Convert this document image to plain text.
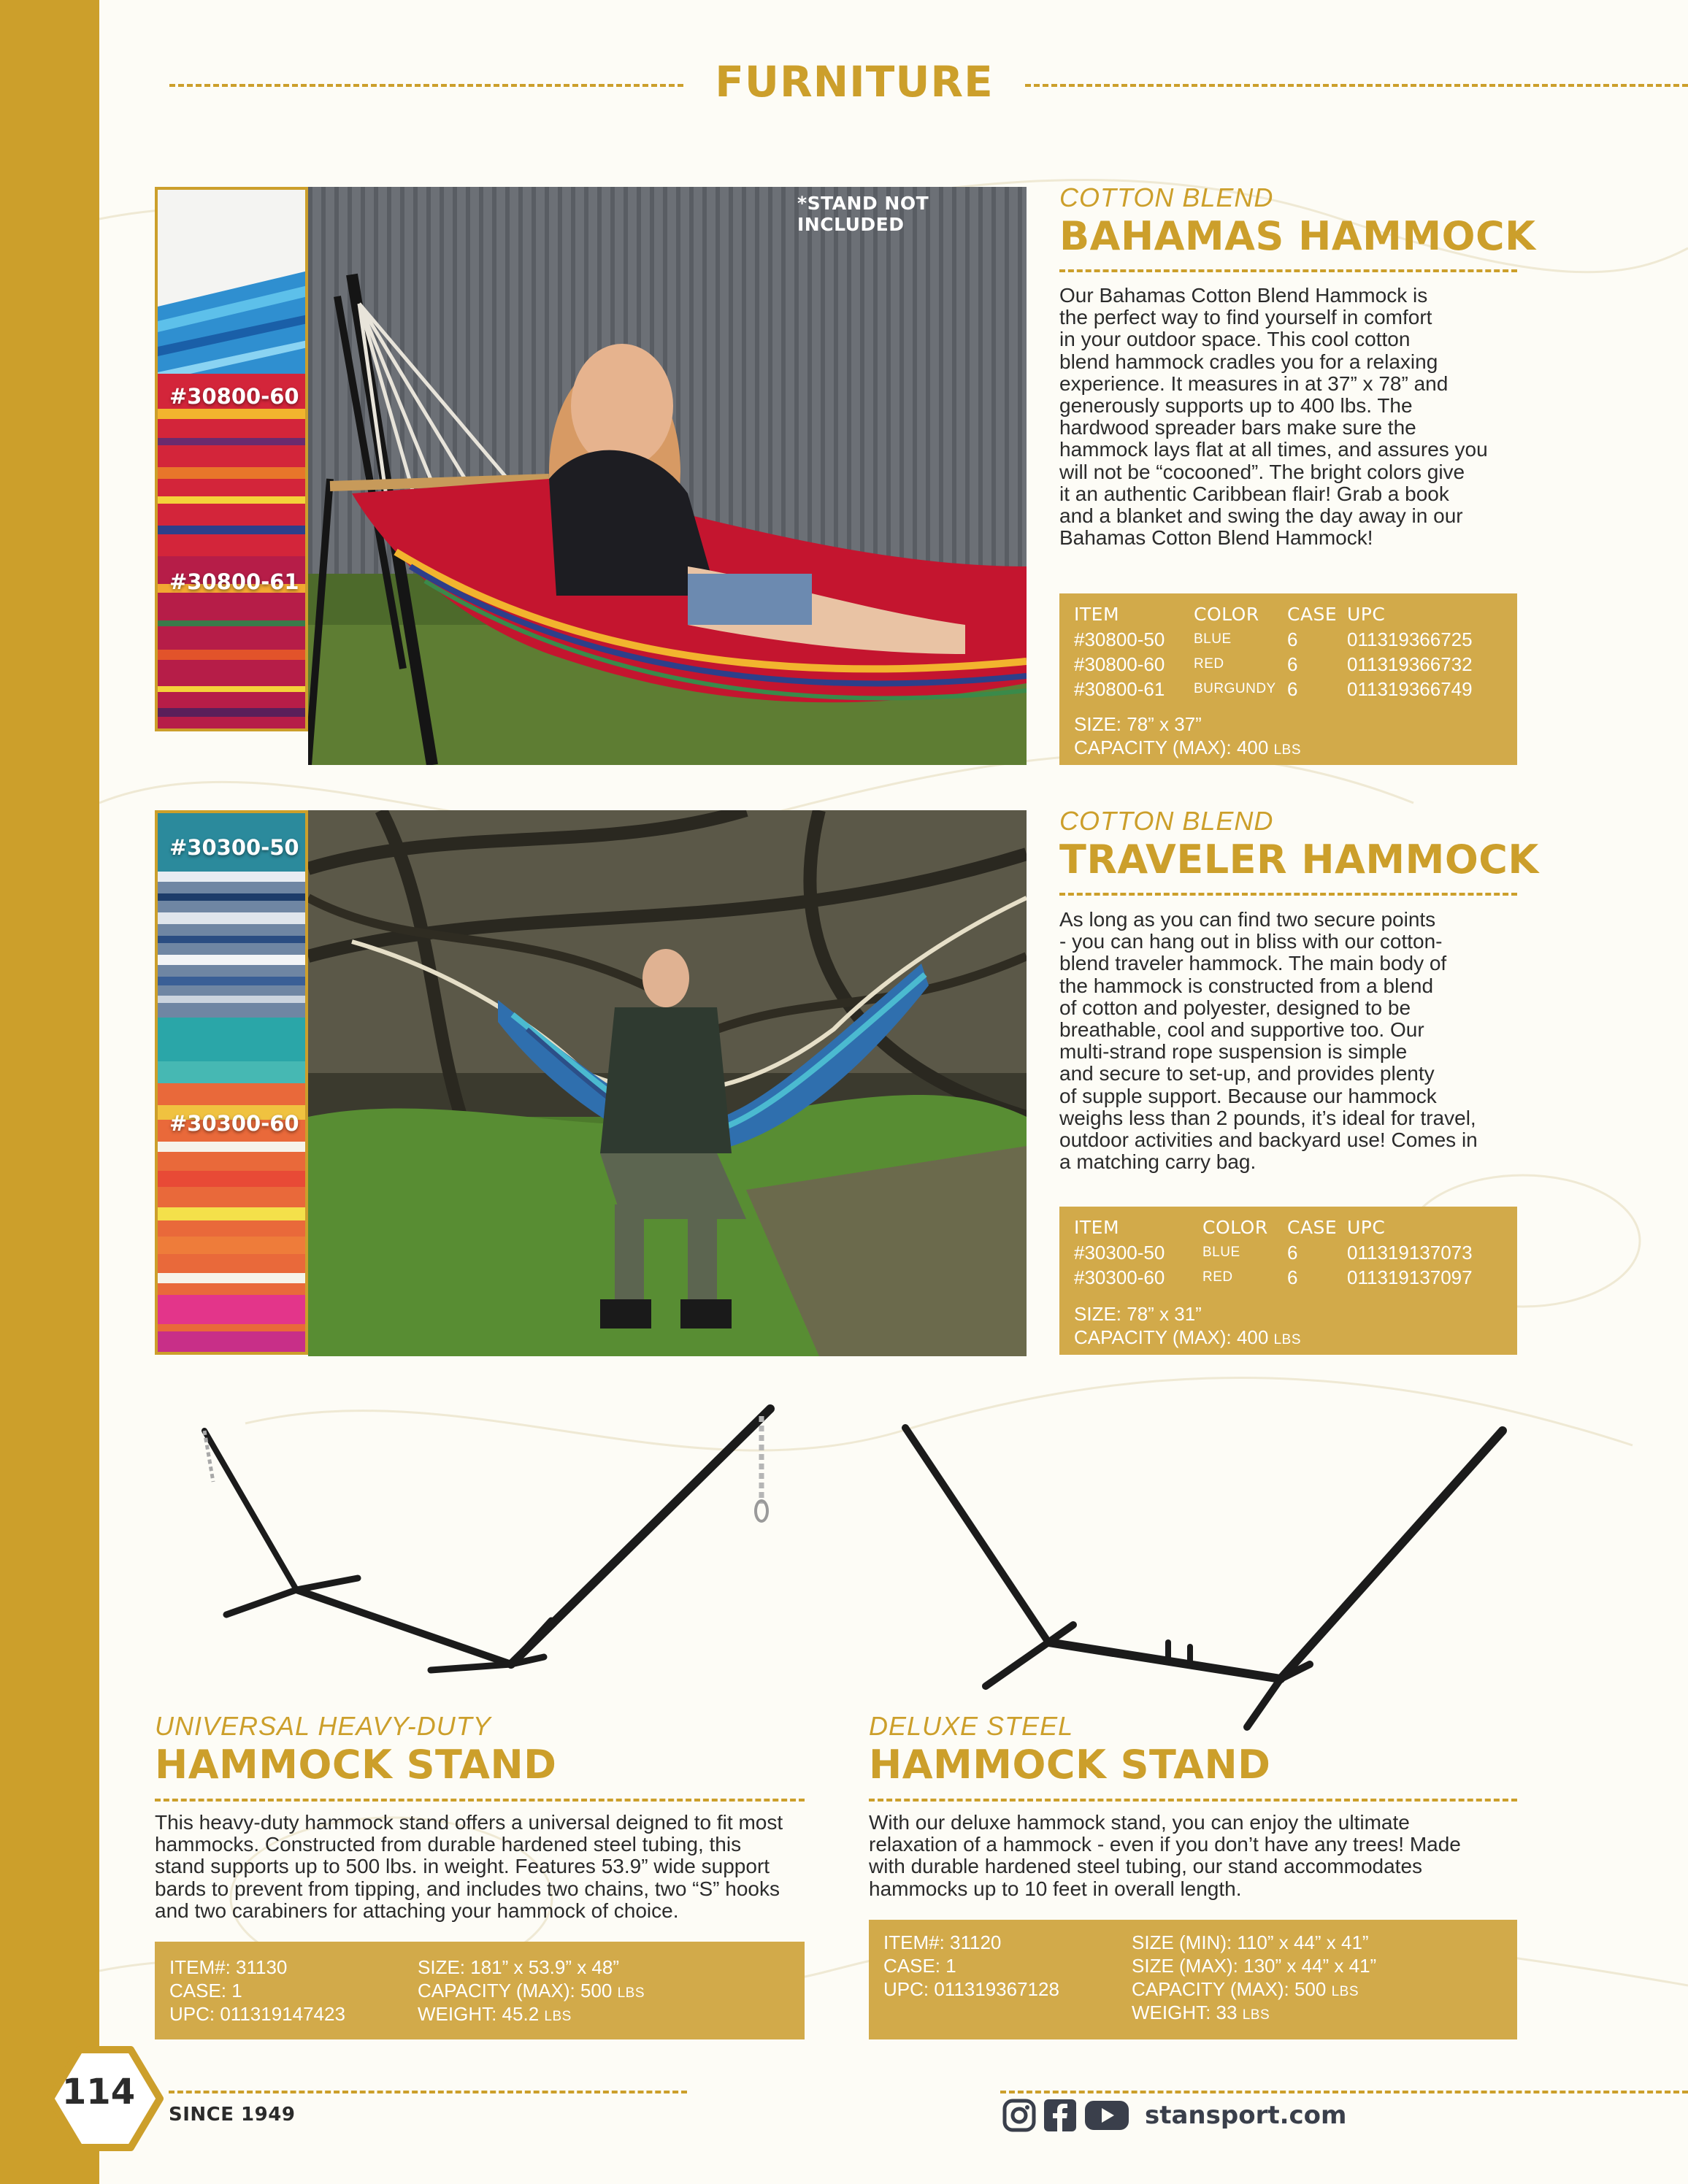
FURNITURE
#30800-60
#30800-61
*STAND NOT INCLUDED
COTTON BLEND
BAHAMAS HAMMOCK
Our Bahamas Cotton Blend Hammock is
the perfect way to find yourself in comfort
in your outdoor space. This cool cotton
blend hammock cradles you for a relaxing
experience. It measures in at 37” x 78” and
generously supports up to 400 lbs. The
hardwood spreader bars make sure the
hammock lays flat at all times, and assures you
will not be “cocooned”. The bright colors give
it an authentic Caribbean flair! Grab a book
and a blanket and swing the day away in our
Bahamas Cotton Blend Hammock!
ITEM	COLOR CASE UPC
#30800-50 BLUE	6	011319366725
#30800-60 RED	6	011319366732
#30800-61 BURGUNDY 6	011319366749
SIZE: 78” x 37”
CAPACITY (MAX): 400 LBS
#30300-50
#30300-60
COTTON BLEND
TRAVELER HAMMOCK
As long as you can find two secure points
- you can hang out in bliss with our cotton-
blend traveler hammock. The main body of
the hammock is constructed from a blend
of cotton and polyester, designed to be
breathable, cool and supportive too. Our
multi-strand rope suspension is simple
and secure to set-up, and provides plenty
of supple support. Because our hammock
weighs less than 2 pounds, it’s ideal for travel,
outdoor activities and backyard use! Comes in
a matching carry bag.
ITEM	COLOR CASE UPC
#30300-50	BLUE 6	011319137073
#30300-60	RED	6	011319137097
SIZE: 78” x 31”
CAPACITY (MAX): 400 LBS
UNIVERSAL HEAVY-DUTY
HAMMOCK STAND
This heavy-duty hammock stand offers a universal deigned to fit most
hammocks. Constructed from durable hardened steel tubing, this
stand supports up to 500 lbs. in weight. Features 53.9” wide support
bards to prevent from tipping, and includes two chains, two “S” hooks
and two carabiners for attaching your hammock of choice.
ITEM#: 31130
CASE: 1
UPC: 011319147423
SIZE: 181” x 53.9” x 48”
CAPACITY (MAX): 500 LBS
WEIGHT: 45.2 LBS
DELUXE STEEL
HAMMOCK STAND
With our deluxe hammock stand, you can enjoy the ultimate
relaxation of a hammock - even if you don’t have any trees! Made
with durable hardened steel tubing, our stand accommodates
hammocks up to 10 feet in overall length.
ITEM#: 31120
CASE: 1
UPC: 011319367128
SIZE (MIN): 110” x 44” x 41”
SIZE (MAX): 130” x 44” x 41”
CAPACITY (MAX): 500 LBS
WEIGHT: 33 LBS
114
SINCE 1949	stansport.com
